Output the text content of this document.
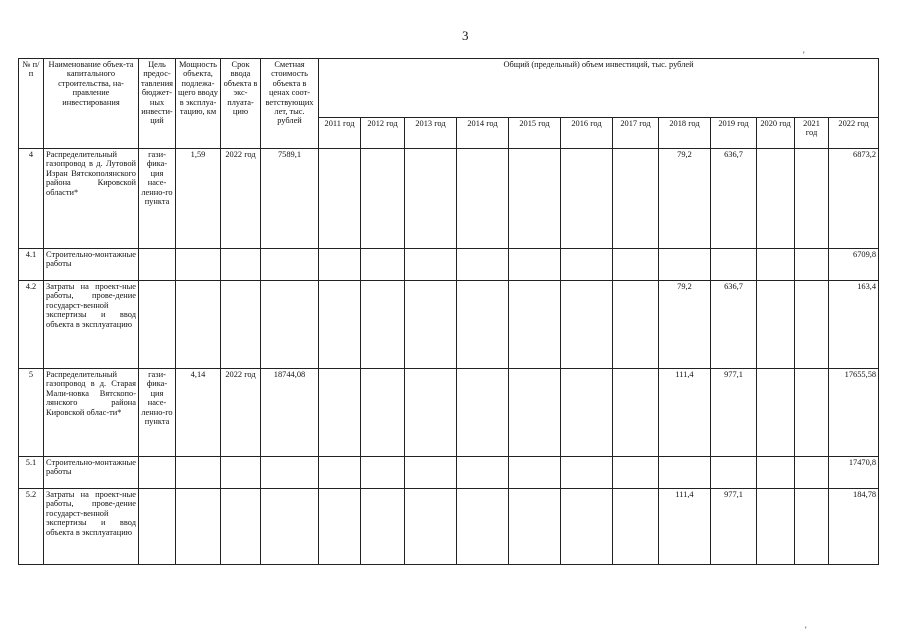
3
'
'
№ п/п	Наименование объек-та капитального строительства, на-правление инвестирования	Цель предос-тавления бюджет-ных инвести-ций	Мощность объекта, подлежа-щего вводу в эксплуа-тацию, км	Срок ввода объекта в экс-плуата-цию	Сметная стоимость объекта в ценах соот-ветствующих лет, тыс. рублей	Общий (предельный) объем инвестиций, тыс. рублей											
						2011 год	2012 год	2013 год	2014 год	2015 год	2016 год	2017 год	2018 год	2019 год	2020 год	2021 год	2022 год
4	Распределительный газопровод в д. Лутовой Изран Вятскополянского района Кировской области*	гази-фика-ция насе-ленно-го пункта	1,59	2022 год	7589,1								79,2	636,7			6873,2
4.1	Строительно-монтажные работы																6709,8
4.2	Затраты на проект-ные работы, прове-дение государст-венной экспертизы и ввод объекта в эксплуатацию												79,2	636,7			163,4
5	Распределительный газопровод в д. Старая Мали-новка Вятскопо-лянского района Кировской облас-ти*	гази-фика-ция насе-ленно-го пункта	4,14	2022 год	18744,08								111,4	977,1			17655,58
5.1	Строительно-монтажные работы																17470,8
5.2	Затраты на проект-ные работы, прове-дение государст-венной экспертизы и ввод объекта в эксплуатацию												111,4	977,1			184,78
